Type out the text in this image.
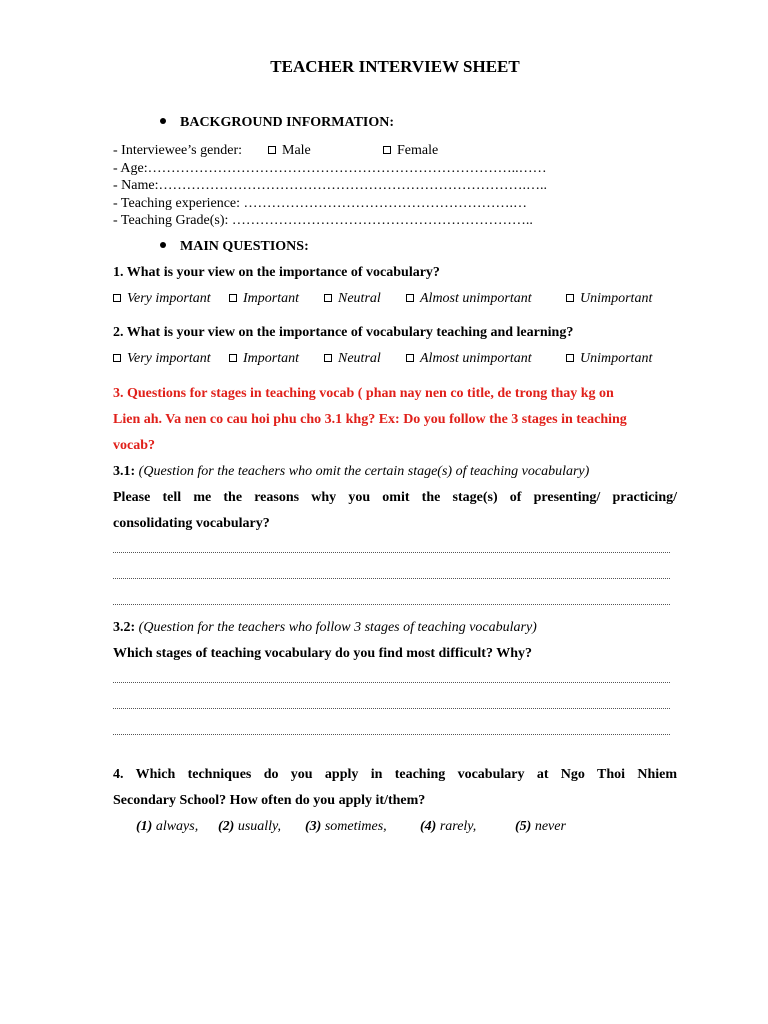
TEACHER INTERVIEW SHEET
BACKGROUND INFORMATION:
- Interviewee’s gender:	Male	Female
- Age:……………………………………………………………………..……
- Name:…………………………………………………………………….…..
- Teaching experience: ………………………………………………….…
- Teaching Grade(s): ………………………………………………………..
MAIN QUESTIONS:
1. What is your view on the importance of vocabulary?
Very important	Important	Neutral	Almost unimportant	Unimportant
2. What is your view on the importance of vocabulary teaching and learning?
Very important	Important	Neutral	Almost unimportant	Unimportant
3. Questions for stages in teaching vocab ( phan nay nen co title, de trong thay kg on
Lien ah. Va nen co cau hoi phu cho 3.1 khg? Ex: Do you follow the 3 stages in teaching
vocab?
3.1: (Question for the teachers who omit the certain stage(s) of teaching vocabulary)
Please tell me the reasons why you omit the stage(s) of presenting/ practicing/
consolidating vocabulary?
3.2: (Question for the teachers who follow 3 stages of teaching vocabulary)
Which stages of teaching vocabulary do you find most difficult? Why?
4. Which techniques do you apply in teaching vocabulary at Ngo Thoi Nhiem
Secondary School? How often do you apply it/them?
(1) always, (2) usually, (3) sometimes, (4) rarely,	(5) never
